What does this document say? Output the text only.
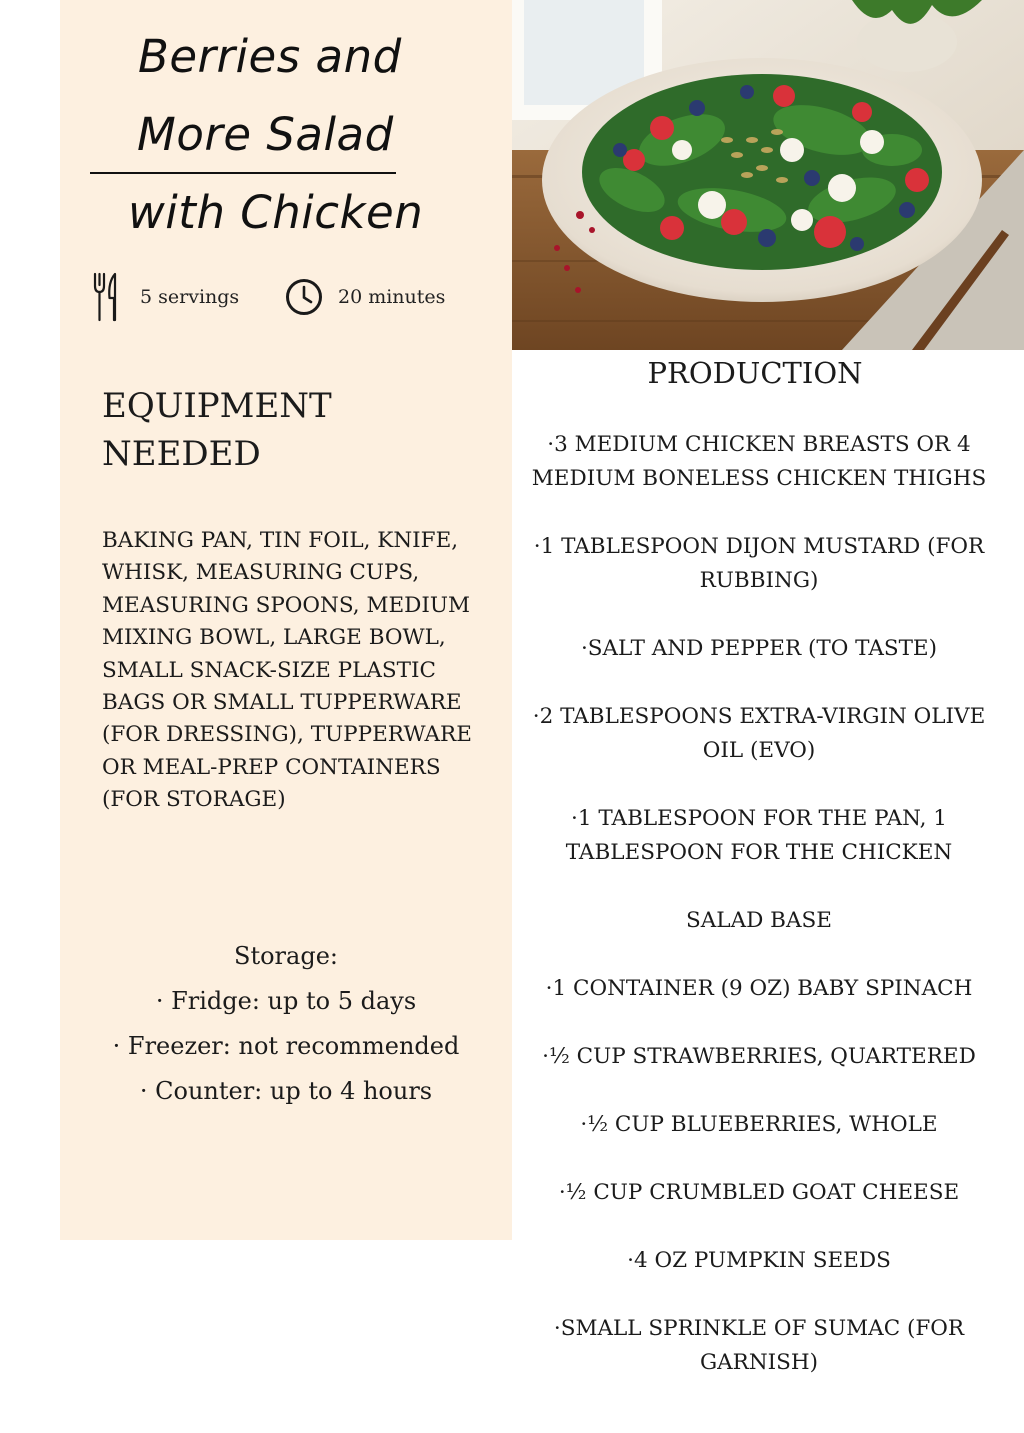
Berries and
More Salad
with Chicken
5 servings	20 minutes
EQUIPMENT NEEDED
BAKING PAN, TIN FOIL, KNIFE, WHISK, MEASURING CUPS, MEASURING SPOONS, MEDIUM MIXING BOWL, LARGE BOWL, SMALL SNACK-SIZE PLASTIC BAGS OR SMALL TUPPERWARE (FOR DRESSING), TUPPERWARE OR MEAL-PREP CONTAINERS (FOR STORAGE)
Storage:
· Fridge: up to 5 days
· Freezer: not recommended
· Counter: up to 4 hours
PRODUCTION
·3 MEDIUM CHICKEN BREASTS OR 4 MEDIUM BONELESS CHICKEN THIGHS
·1 TABLESPOON DIJON MUSTARD (FOR RUBBING)
·SALT AND PEPPER (TO TASTE)
·2 TABLESPOONS EXTRA-VIRGIN OLIVE OIL (EVO)
·1 TABLESPOON FOR THE PAN, 1 TABLESPOON FOR THE CHICKEN
SALAD BASE
·1 CONTAINER (9 OZ) BABY SPINACH
·½ CUP STRAWBERRIES, QUARTERED
·½ CUP BLUEBERRIES, WHOLE
·½ CUP CRUMBLED GOAT CHEESE
·4 OZ PUMPKIN SEEDS
·SMALL SPRINKLE OF SUMAC (FOR GARNISH)
